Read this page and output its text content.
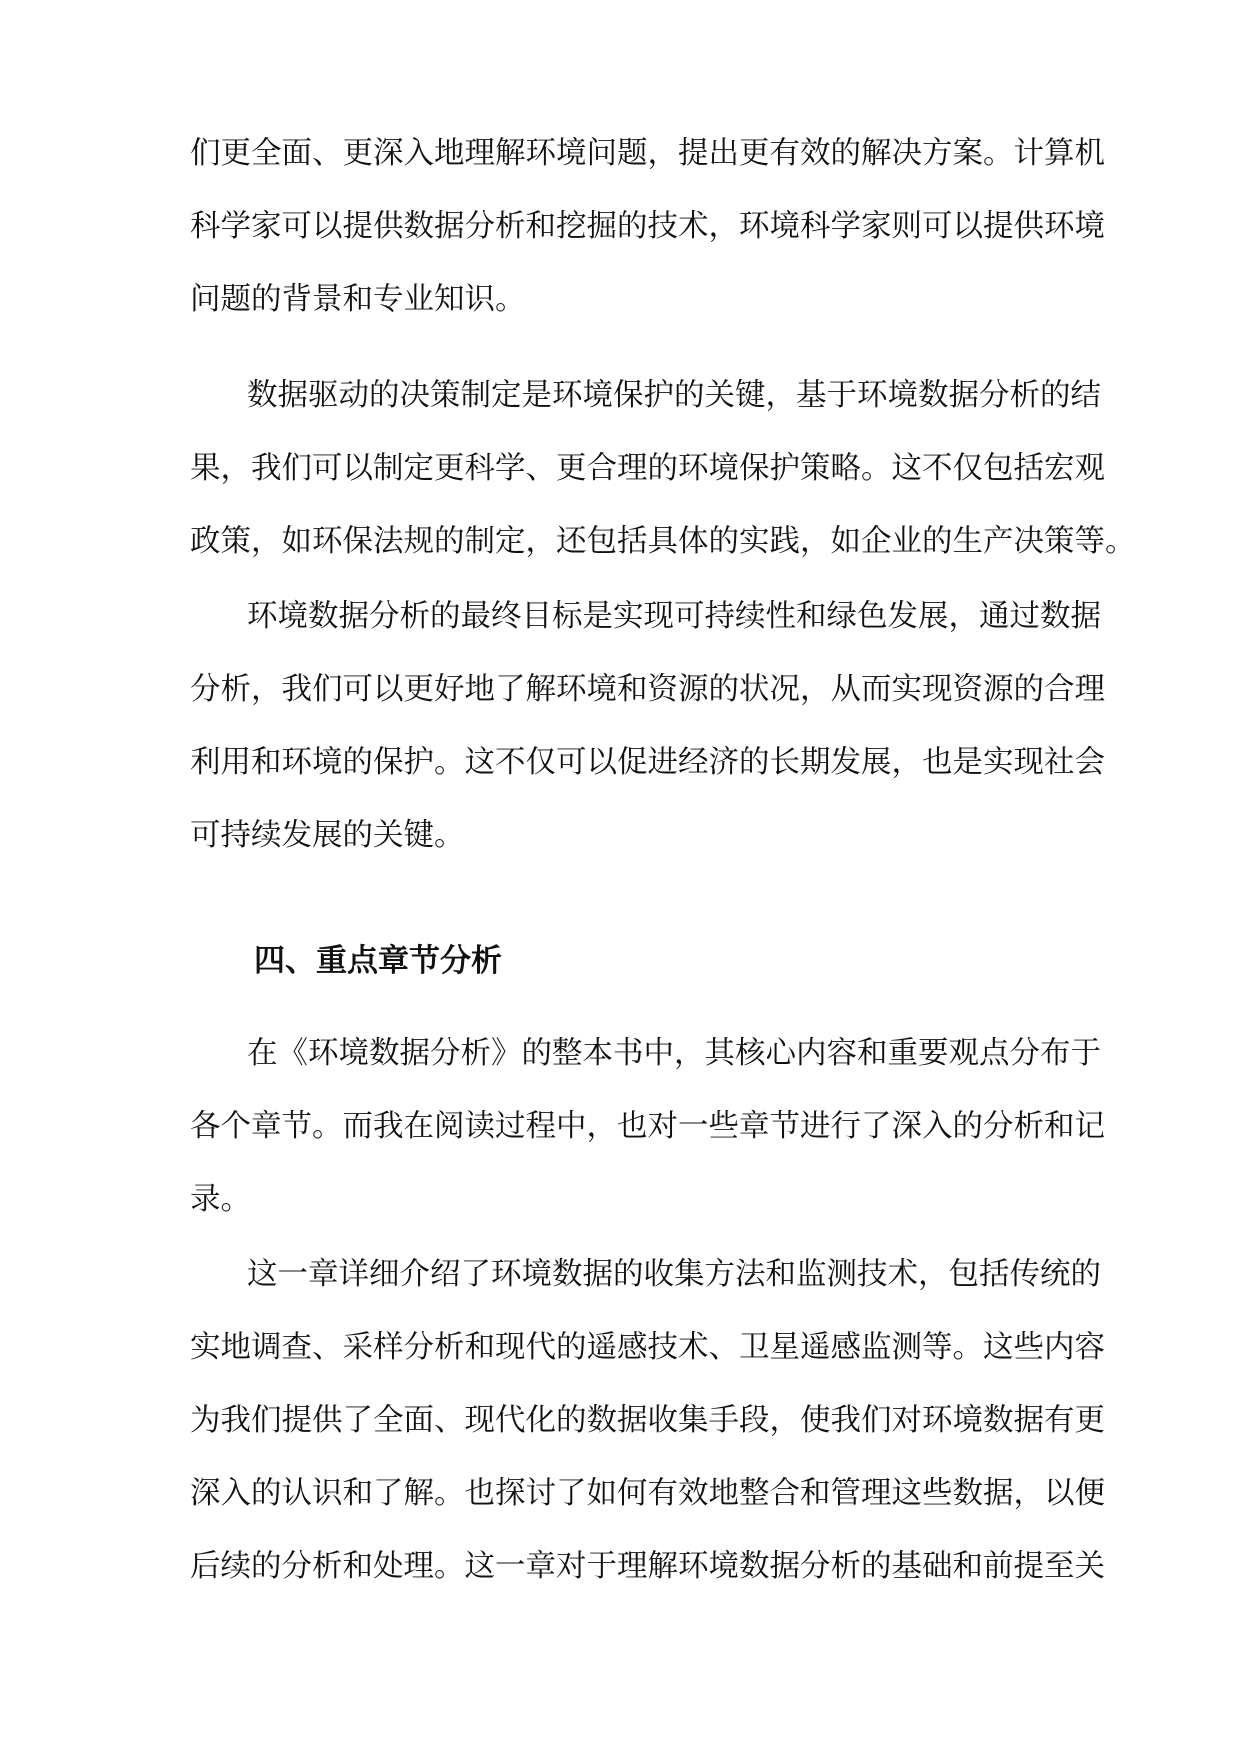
们更全面、更深入地理解环境问题，提出更有效的解决方案。计算机
科学家可以提供数据分析和挖掘的技术，环境科学家则可以提供环境
问题的背景和专业知识。
数据驱动的决策制定是环境保护的关键，基于环境数据分析的结
果，我们可以制定更科学、更合理的环境保护策略。这不仅包括宏观
政策，如环保法规的制定，还包括具体的实践，如企业的生产决策等。
环境数据分析的最终目标是实现可持续性和绿色发展，通过数据
分析，我们可以更好地了解环境和资源的状况，从而实现资源的合理
利用和环境的保护。这不仅可以促进经济的长期发展，也是实现社会
可持续发展的关键。
四、重点章节分析
在《环境数据分析》的整本书中，其核心内容和重要观点分布于
各个章节。而我在阅读过程中，也对一些章节进行了深入的分析和记
录。
这一章详细介绍了环境数据的收集方法和监测技术，包括传统的
实地调查、采样分析和现代的遥感技术、卫星遥感监测等。这些内容
为我们提供了全面、现代化的数据收集手段，使我们对环境数据有更
深入的认识和了解。也探讨了如何有效地整合和管理这些数据，以便
后续的分析和处理。这一章对于理解环境数据分析的基础和前提至关
